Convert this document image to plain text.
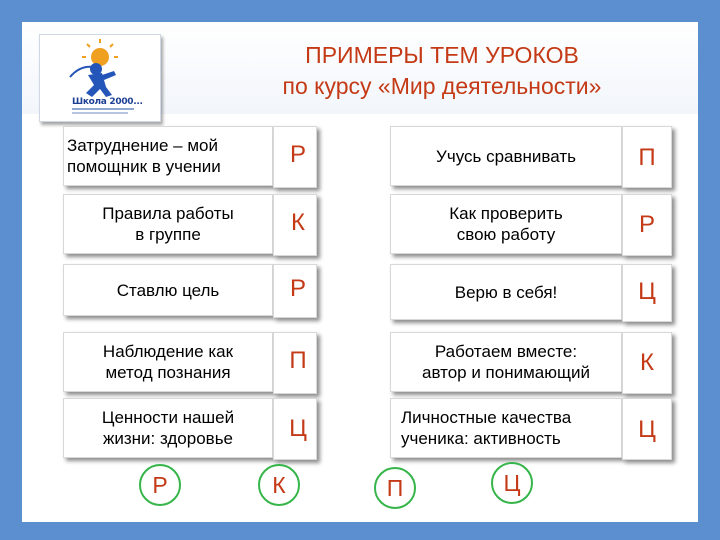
Школа 2000...
ПРИМЕРЫ ТЕМ УРОКОВ
по курсу «Мир деятельности»
Затруднение – мой
помощник в учении	Р
Правила работы
в группе	К
Ставлю цель	Р
Наблюдение как
метод познания П
Ценности нашей
жизни: здоровье Ц
Учусь сравнивать	П
Как проверить
свою работу	Р
Верю в себя!	Ц
Работаем вместе:
автор и понимающий	К
Личностные качества
ученика: активность	Ц
Р	К	П	Ц
